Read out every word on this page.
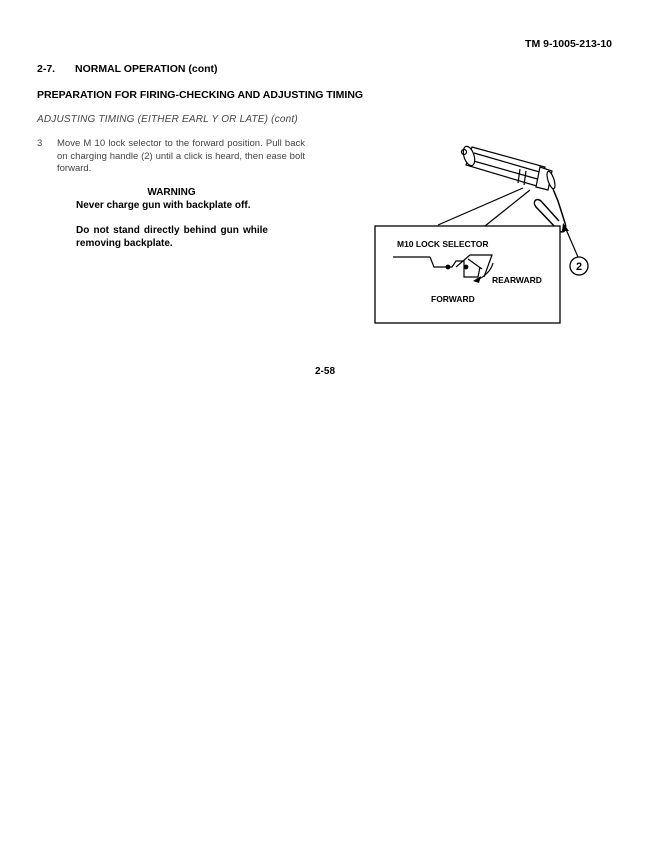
TM 9-1005-213-10
2-7. NORMAL OPERATION (cont)
PREPARATION FOR FIRING-CHECKING AND ADJUSTING TIMING
ADJUSTING TIMING (EITHER EARL Y OR LATE) (cont)
3 Move M 10 lock selector to the forward position. Pull back on charging handle (2) until a click is heard, then ease bolt forward.
WARNING
Never charge gun with backplate off.
Do not stand directly behind gun while removing backplate.	M10 LOCK SELECTOR
REARWARD
FORWARD
2
2-58
